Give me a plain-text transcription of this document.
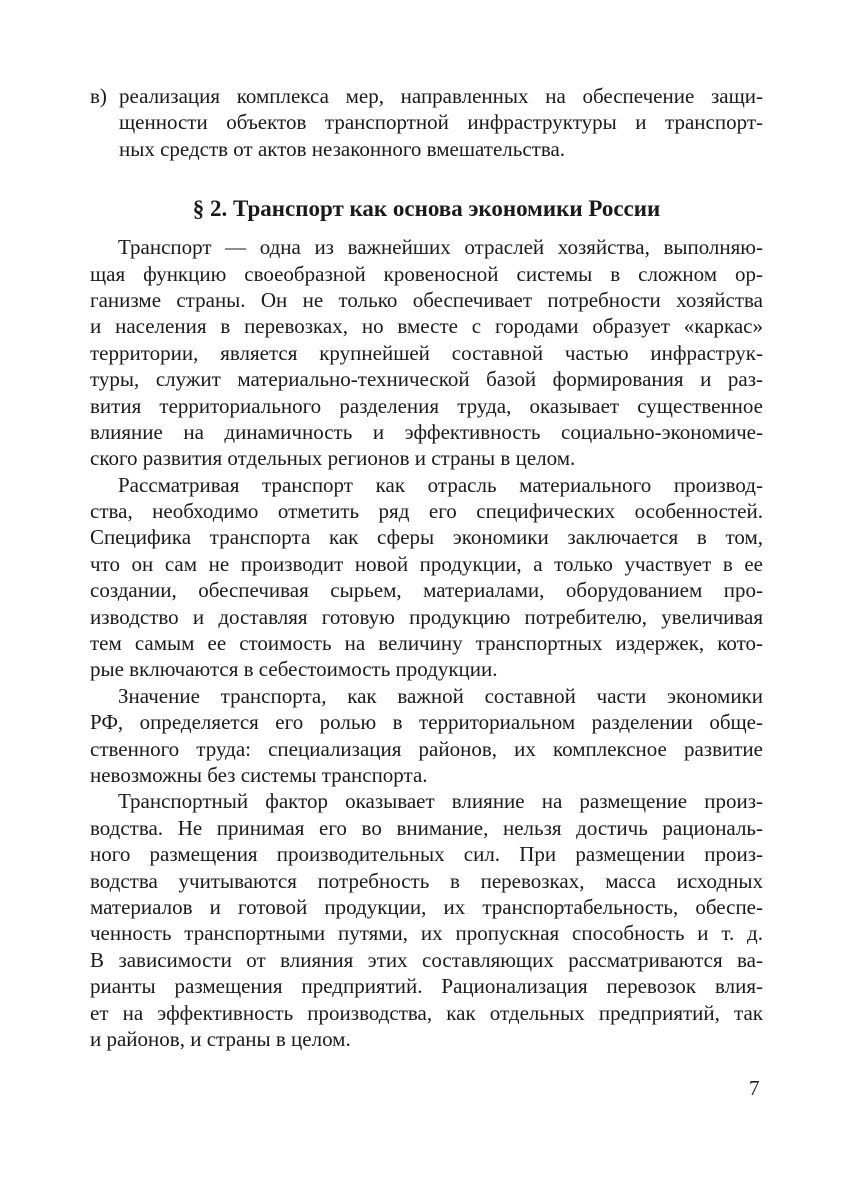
в) реализация комплекса мер, направленных на обеспечение защи-
щенности объектов транспортной инфраструктуры и транспорт-
ных средств от актов незаконного вмешательства.
§ 2. Транспорт как основа экономики России
Транспорт — одна из важнейших отраслей хозяйства, выполняю-
щая функцию своеобразной кровеносной системы в сложном ор-
ганизме страны. Он не только обеспечивает потребности хозяйства
и населения в перевозках, но вместе с городами образует «каркас»
территории, является крупнейшей составной частью инфраструк-
туры, служит материально-технической базой формирования и раз-
вития территориального разделения труда, оказывает существенное
влияние на динамичность и эффективность социально-экономиче-
ского развития отдельных регионов и страны в целом.
Рассматривая транспорт как отрасль материального производ-
ства, необходимо отметить ряд его специфических особенностей.
Специфика транспорта как сферы экономики заключается в том,
что он сам не производит новой продукции, а только участвует в ее
создании, обеспечивая сырьем, материалами, оборудованием про-
изводство и доставляя готовую продукцию потребителю, увеличивая
тем самым ее стоимость на величину транспортных издержек, кото-
рые включаются в себестоимость продукции.
Значение транспорта, как важной составной части экономики
РФ, определяется его ролью в территориальном разделении обще-
ственного труда: специализация районов, их комплексное развитие
невозможны без системы транспорта.
Транспортный фактор оказывает влияние на размещение произ-
водства. Не принимая его во внимание, нельзя достичь рациональ-
ного размещения производительных сил. При размещении произ-
водства учитываются потребность в перевозках, масса исходных
материалов и готовой продукции, их транспортабельность, обеспе-
ченность транспортными путями, их пропускная способность и т. д.
В зависимости от влияния этих составляющих рассматриваются ва-
рианты размещения предприятий. Рационализация перевозок влия-
ет на эффективность производства, как отдельных предприятий, так
и районов, и страны в целом.
7
